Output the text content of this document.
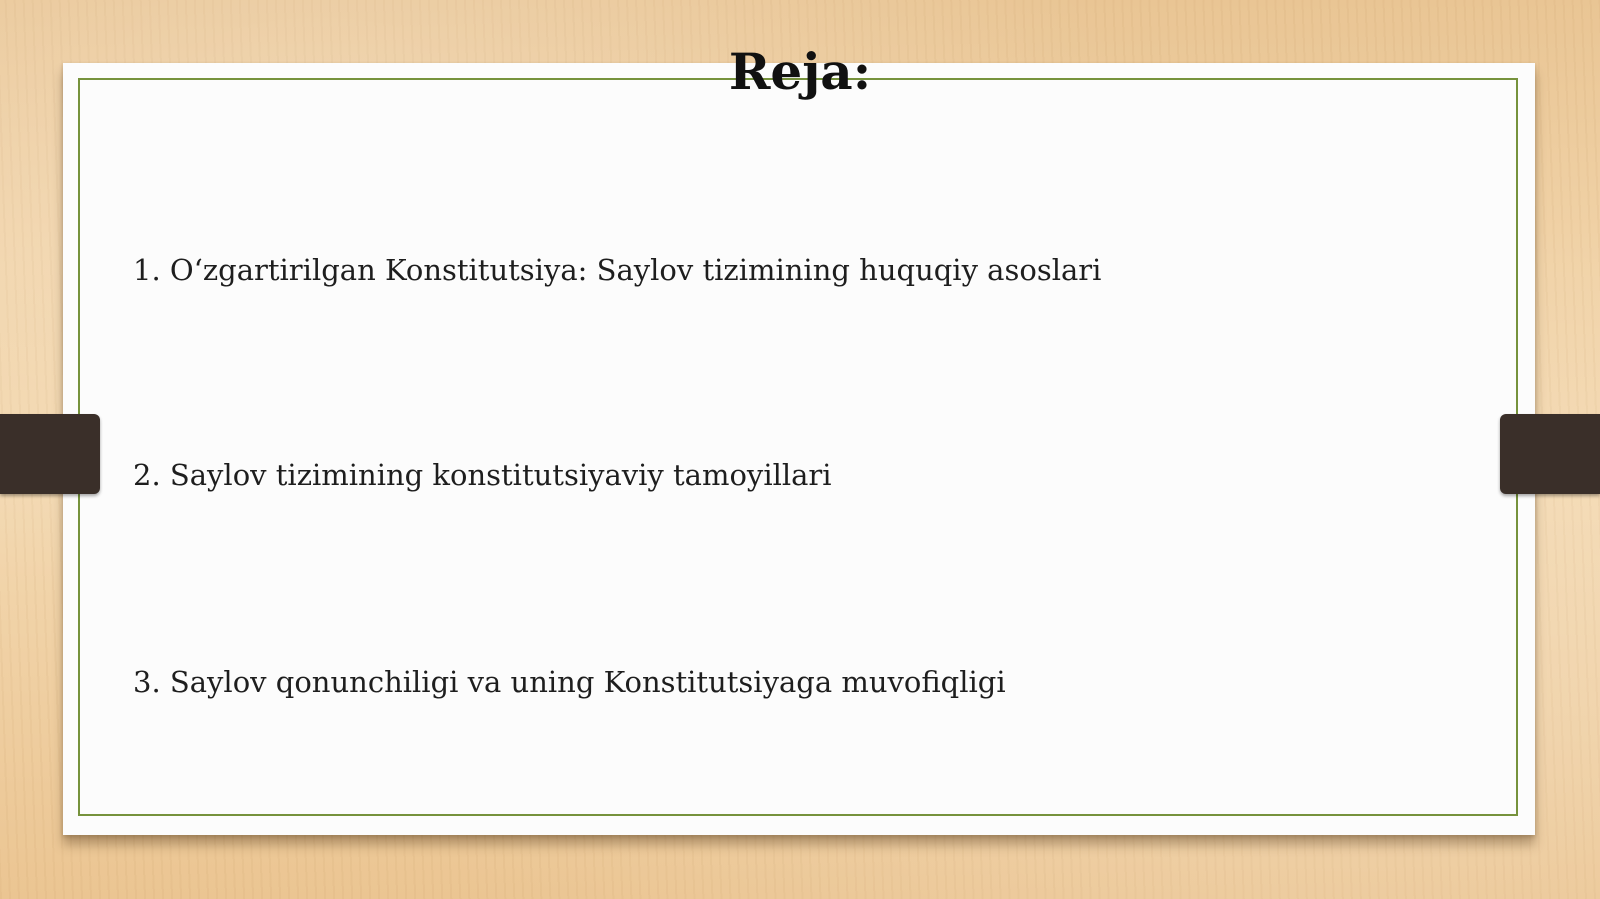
Reja:
1. O‘zgartirilgan Konstitutsiya: Saylov tizimining huquqiy asoslari
2. Saylov tizimining konstitutsiyaviy tamoyillari
3. Saylov qonunchiligi va uning Konstitutsiyaga muvofiqligi
